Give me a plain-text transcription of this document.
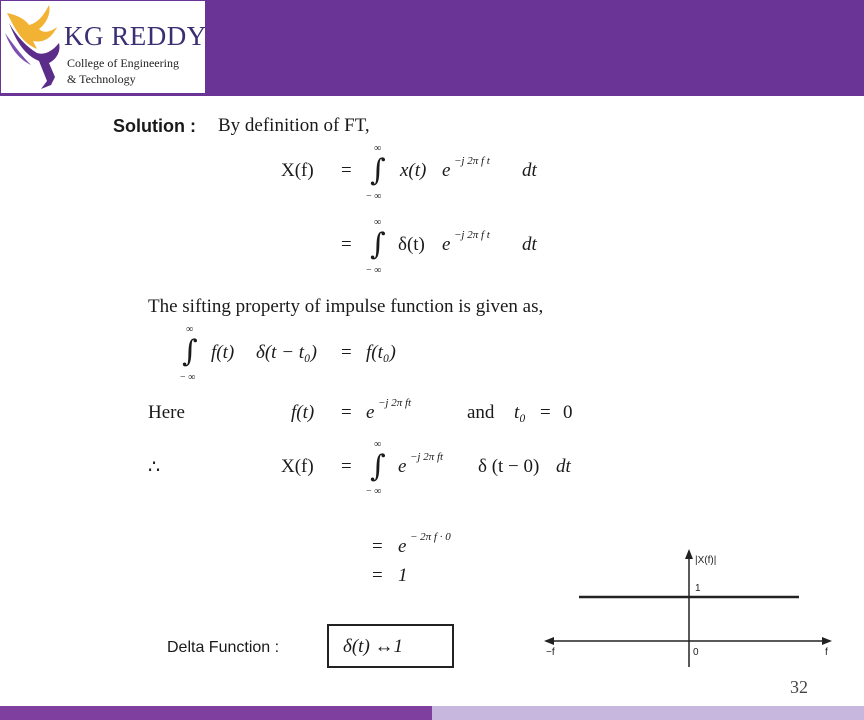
KG REDDY
College of Engineering
& Technology
Solution : By definition of FT,
X(f) =
∞
∫
− ∞
x(t) e −j 2π f t dt
=
∞
∫
− ∞
δ(t) e −j 2π f t dt
The sifting property of impulse function is given as,
∞
∫
− ∞
f(t) δ(t − t₀) = f(t₀)
Here	f(t) = e −j 2π ft	and t₀ = 0
∴	X(f) =
∞
∫
− ∞
e −j 2π ft δ (t − 0) dt
= e − 2π f · 0
= 1
Delta Function :	δ(t) ↔1
|X(f)|
1
0
−f	f
32
